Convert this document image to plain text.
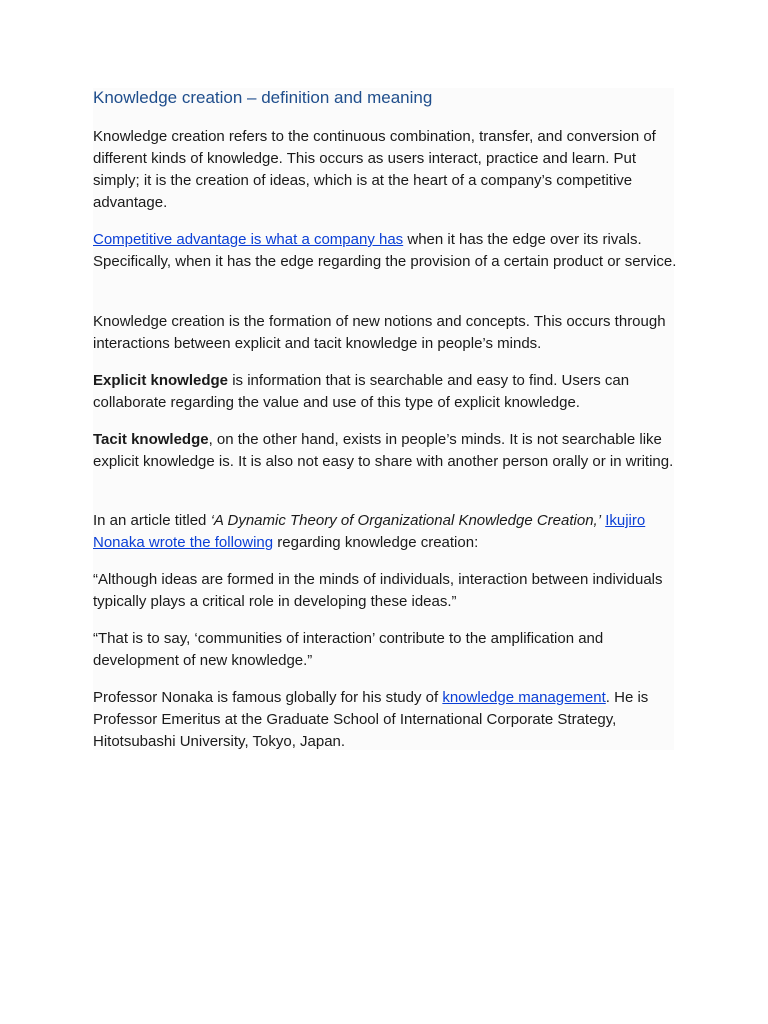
Knowledge creation – definition and meaning

Knowledge creation refers to the continuous combination, transfer, and conversion of different kinds of knowledge. This occurs as users interact, practice and learn. Put simply; it is the creation of ideas, which is at the heart of a company’s competitive advantage.

Competitive advantage is what a company has when it has the edge over its rivals. Specifically, when it has the edge regarding the provision of a certain product or service.

Knowledge creation is the formation of new notions and concepts. This occurs through interactions between explicit and tacit knowledge in people’s minds.

Explicit knowledge is information that is searchable and easy to find. Users can collaborate regarding the value and use of this type of explicit knowledge.

Tacit knowledge, on the other hand, exists in people’s minds. It is not searchable like explicit knowledge is. It is also not easy to share with another person orally or in writing.

In an article titled ‘A Dynamic Theory of Organizational Knowledge Creation,’ Ikujiro Nonaka wrote the following regarding knowledge creation:

“Although ideas are formed in the minds of individuals, interaction between individuals typically plays a critical role in developing these ideas.”

“That is to say, ‘communities of interaction’ contribute to the amplification and development of new knowledge.”

Professor Nonaka is famous globally for his study of knowledge management. He is Professor Emeritus at the Graduate School of International Corporate Strategy, Hitotsubashi University, Tokyo, Japan.
